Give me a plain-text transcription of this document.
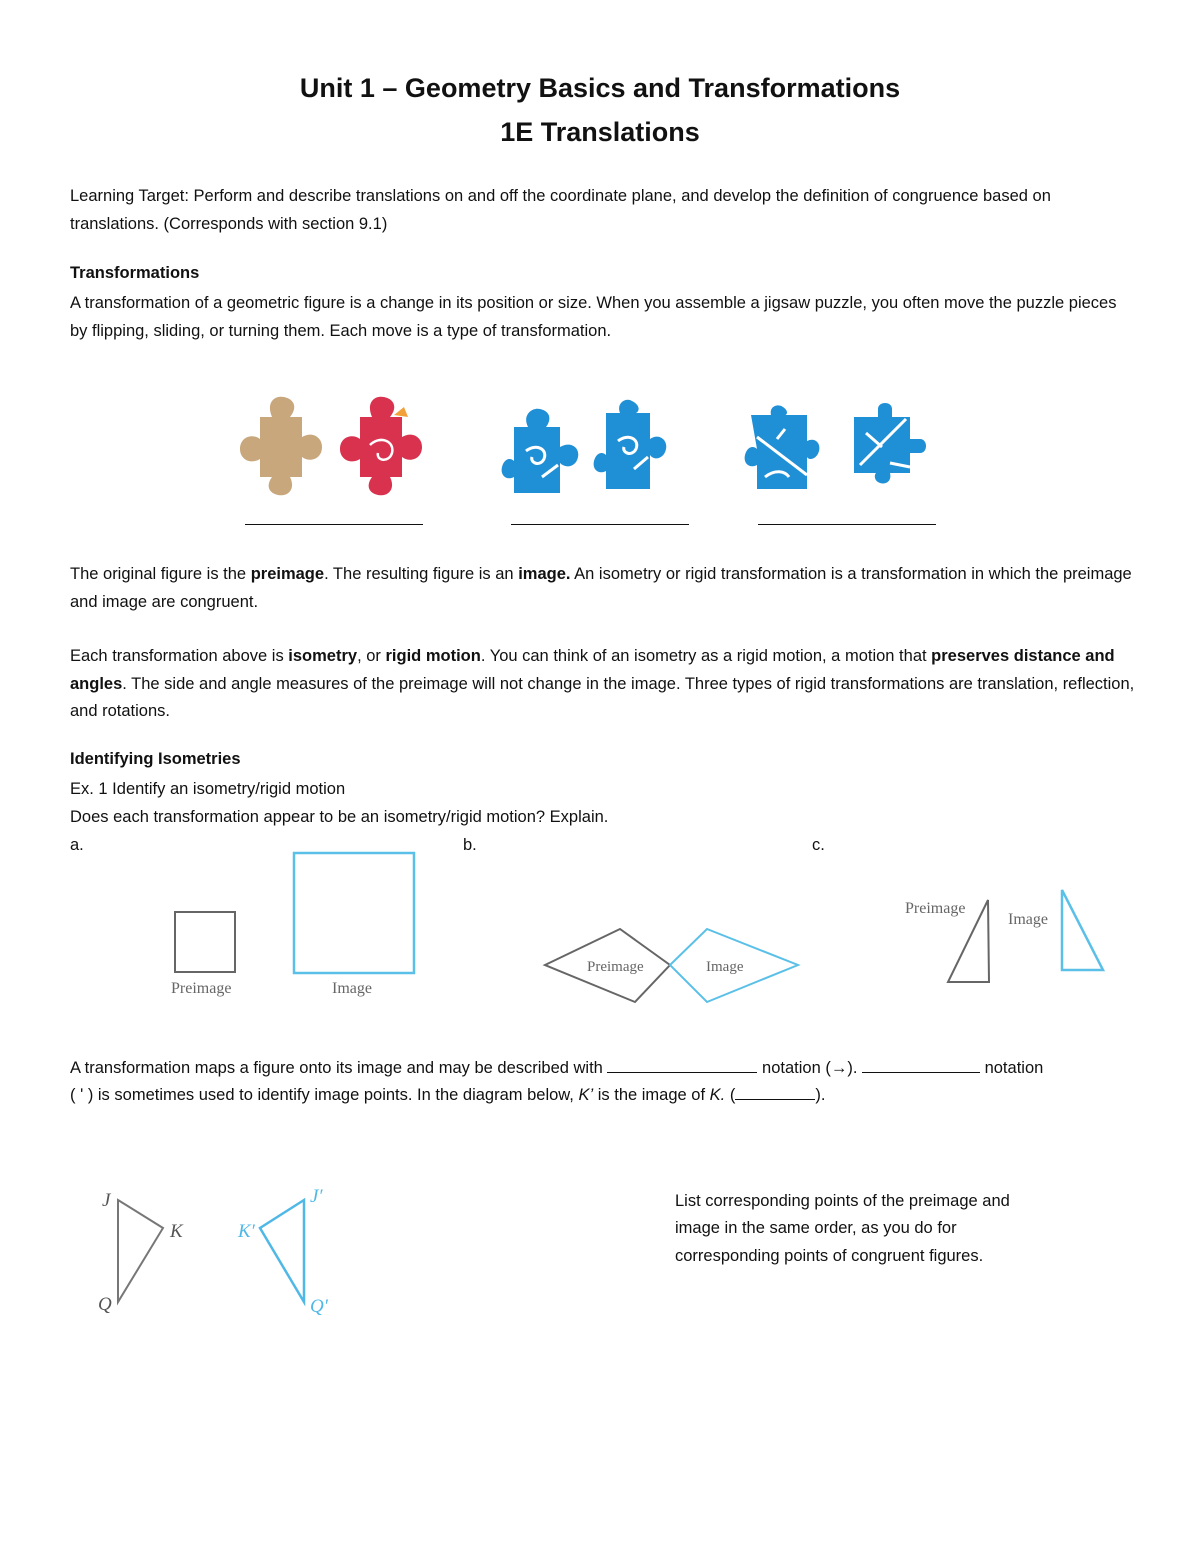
Unit 1 – Geometry Basics and Transformations
1E Translations
Learning Target: Perform and describe translations on and off the coordinate plane, and develop the definition of congruence based on translations. (Corresponds with section 9.1)
Transformations
A transformation of a geometric figure is a change in its position or size. When you assemble a jigsaw puzzle, you often move the puzzle pieces by flipping, sliding, or turning them. Each move is a type of transformation.
The original figure is the preimage. The resulting figure is an image. An isometry or rigid transformation is a transformation in which the preimage and image are congruent.
Each transformation above is isometry, or rigid motion. You can think of an isometry as a rigid motion, a motion that preserves distance and angles. The side and angle measures of the preimage will not change in the image. Three types of rigid transformations are translation, reflection, and rotations.
Identifying Isometries
Ex. 1 Identify an isometry/rigid motion
Does each transformation appear to be an isometry/rigid motion? Explain.
a.	b.	c.
Preimage	Image
Preimage	Image
Preimage
Image
A transformation maps a figure onto its image and may be described with	notation (→).	notation
( ʹ ) is sometimes used to identify image points. In the diagram below, K’ is the image of K. (	).
J
K
Q
J′
K′
Q′
List corresponding points of the preimage and
image in the same order, as you do for
corresponding points of congruent figures.
